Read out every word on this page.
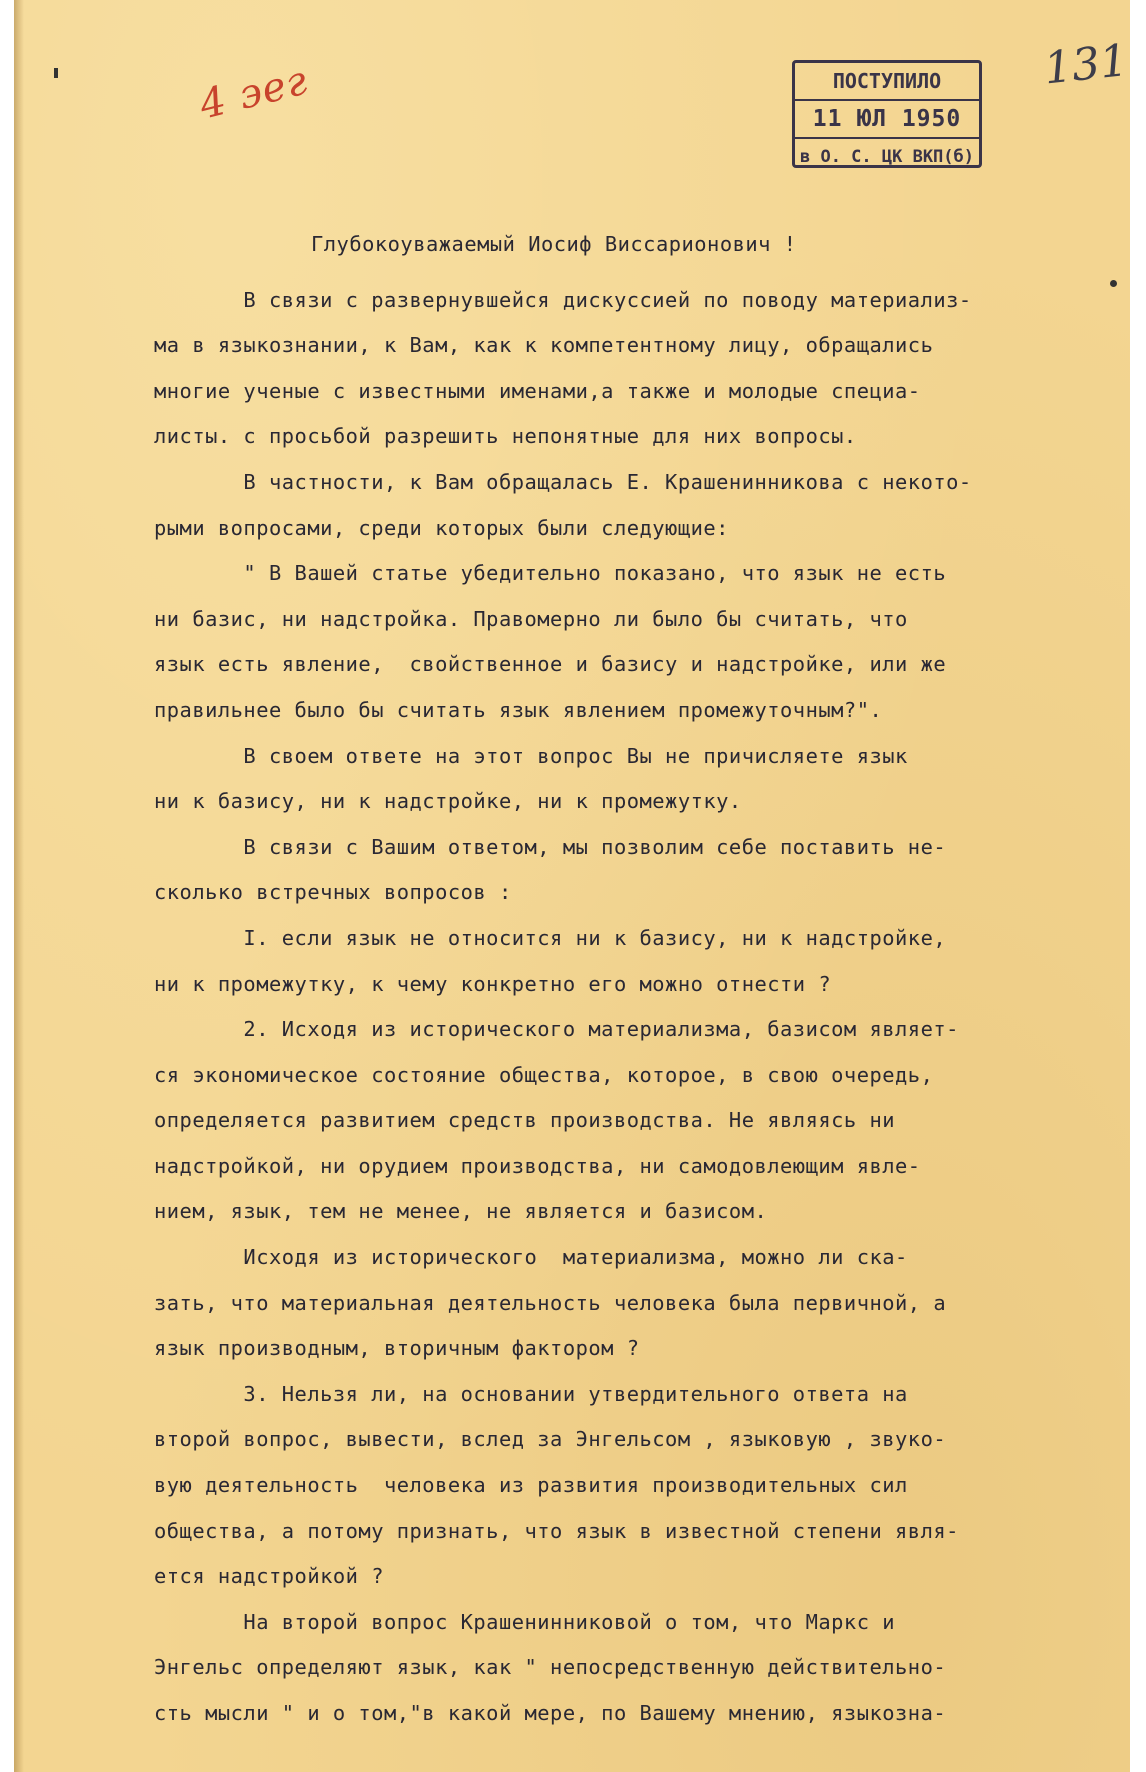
4 эег	ПОСТУПИЛО
11 ЮЛ 1950
в О. С. ЦК ВКП(б)
131
Глубокоуважаемый Иосиф Виссарионович !
В связи с развернувшейся дискуссией по поводу материализ-
ма в языкознании, к Вам, как к компетентному лицу, обращались
многие ученые с известными именами,а также и молодые специа-
листы. с просьбой разрешить непонятные для них вопросы.
В частности, к Вам обращалась Е. Крашенинникова с некото-
рыми вопросами, среди которых были следующие:
" В Вашей статье убедительно показано, что язык не есть
ни базис, ни надстройка. Правомерно ли было бы считать, что
язык есть явление,  свойственное и базису и надстройке, или же
правильнее было бы считать язык явлением промежуточным?".
В своем ответе на этот вопрос Вы не причисляете язык
ни к базису, ни к надстройке, ни к промежутку.
В связи с Вашим ответом, мы позволим себе поставить не-
сколько встречных вопросов :
I. если язык не относится ни к базису, ни к надстройке,
ни к промежутку, к чему конкретно его можно отнести ?
2. Исходя из исторического материализма, базисом являет-
ся экономическое состояние общества, которое, в свою очередь,
определяется развитием средств производства. Не являясь ни
надстройкой, ни орудием производства, ни самодовлеющим явле-
нием, язык, тем не менее, не является и базисом.
Исходя из исторического  материализма, можно ли ска-
зать, что материальная деятельность человека была первичной, а
язык производным, вторичным фактором ?
3. Нельзя ли, на основании утвердительного ответа на
второй вопрос, вывести, вслед за Энгельсом , языковую , звуко-
вую деятельность  человека из развития производительных сил
общества, а потому признать, что язык в известной степени явля-
ется надстройкой ?
На второй вопрос Крашенинниковой о том, что Маркс и
Энгельс определяют язык, как " непосредственную действительно-
сть мысли " и о том,"в какой мере, по Вашему мнению, языкозна-
